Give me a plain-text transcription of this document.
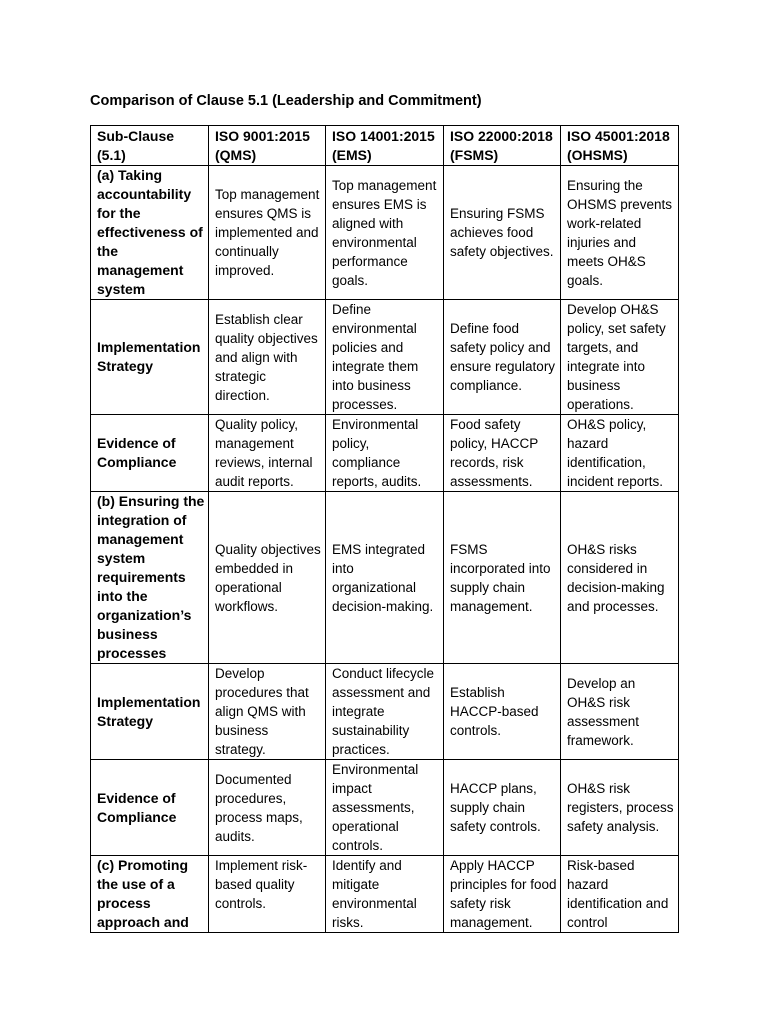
Comparison of Clause 5.1 (Leadership and Commitment)
Sub-Clause (5.1)	ISO 9001:2015 (QMS)	ISO 14001:2015 (EMS)	ISO 22000:2018 (FSMS)	ISO 45001:2018 (OHSMS)
(a) Taking accountability for the effectiveness of the management system	Top management ensures QMS is implemented and continually improved.	Top management ensures EMS is aligned with environmental performance goals.	Ensuring FSMS achieves food safety objectives.	Ensuring the OHSMS prevents work-related injuries and meets OH&S goals.
Implementation Strategy	Establish clear quality objectives and align with strategic direction.	Define environmental policies and integrate them into business processes.	Define food safety policy and ensure regulatory compliance.	Develop OH&S policy, set safety targets, and integrate into business operations.
Evidence of Compliance	Quality policy, management reviews, internal audit reports.	Environmental policy, compliance reports, audits.	Food safety policy, HACCP records, risk assessments.	OH&S policy, hazard identification, incident reports.
(b) Ensuring the integration of management system requirements into the organization’s business processes	Quality objectives embedded in operational workflows.	EMS integrated into organizational decision-making.	FSMS incorporated into supply chain management.	OH&S risks considered in decision-making and processes.
Implementation Strategy	Develop procedures that align QMS with business strategy.	Conduct lifecycle assessment and integrate sustainability practices.	Establish HACCP-based controls.	Develop an OH&S risk assessment framework.
Evidence of Compliance	Documented procedures, process maps, audits.	Environmental impact assessments, operational controls.	HACCP plans, supply chain safety controls.	OH&S risk registers, process safety analysis.
(c) Promoting the use of a process approach and	Implement risk-based quality controls.	Identify and mitigate environmental risks.	Apply HACCP principles for food safety risk management.	Risk-based hazard identification and control
